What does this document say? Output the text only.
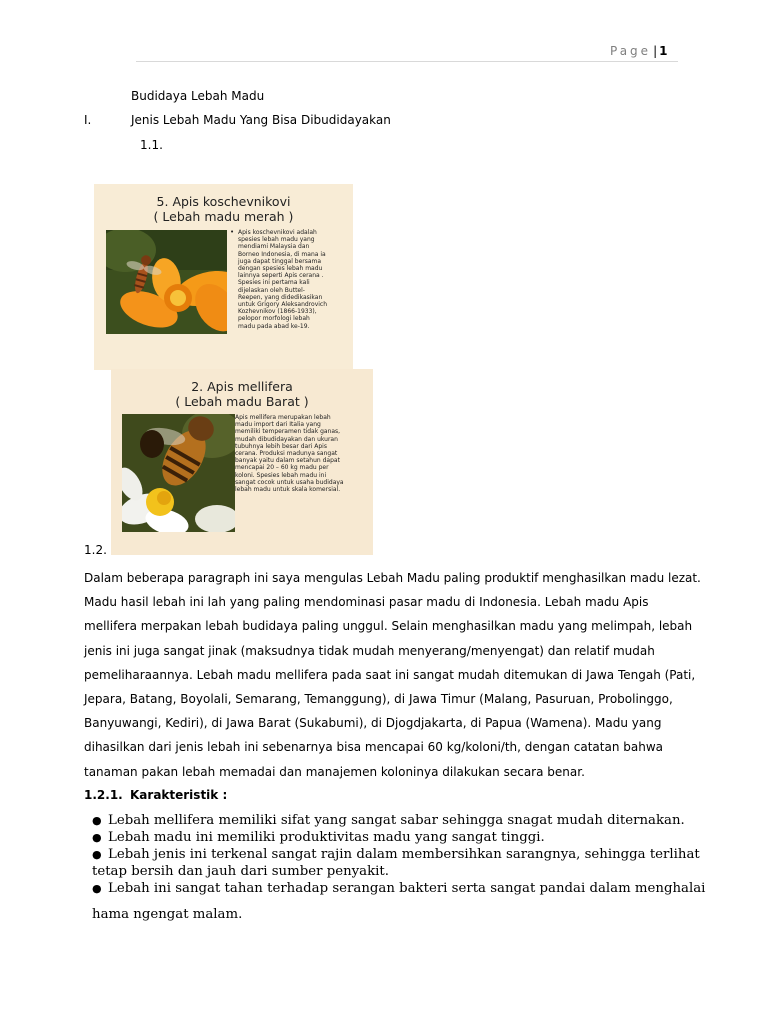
Page | 1
Budidaya Lebah Madu
I.	Jenis Lebah Madu Yang Bisa Dibudidayakan
1.1.
5. Apis koschevnikovi
( Lebah madu merah )
• Apis koschevnikovi adalah
spesies lebah madu yang
mendiami Malaysia dan
Borneo Indonesia, di mana ia
juga dapat tinggal bersama
dengan spesies lebah madu
lainnya seperti Apis cerana .
Spesies ini pertama kali
dijelaskan oleh Buttel-
Reepen, yang didedikasikan
untuk Grigory Aleksandrovich
Kozhevnikov (1866-1933),
pelopor morfologi lebah
madu pada abad ke-19.
2. Apis mellifera
( Lebah madu Barat )
Apis mellifera merupakan lebah
madu import dari Italia yang
memiliki temperamen tidak ganas,
mudah dibudidayakan dan ukuran
tubuhnya lebih besar dari Apis
cerana. Produksi madunya sangat
banyak yaitu dalam setahun dapat
mencapai 20 – 60 kg madu per
koloni. Spesies lebah madu ini
sangat cocok untuk usaha budidaya
lebah madu untuk skala komersial.
1.2.
Dalam beberapa paragraph ini saya mengulas Lebah Madu paling produktif menghasilkan madu lezat.
Madu hasil lebah ini lah yang paling mendominasi pasar madu di Indonesia. Lebah madu Apis
mellifera merpakan lebah budidaya paling unggul. Selain menghasilkan madu yang melimpah, lebah
jenis ini juga sangat jinak (maksudnya tidak mudah menyerang/menyengat) dan relatif mudah
pemeliharaannya. Lebah madu mellifera pada saat ini sangat mudah ditemukan di Jawa Tengah (Pati,
Jepara, Batang, Boyolali, Semarang, Temanggung), di Jawa Timur (Malang, Pasuruan, Probolinggo,
Banyuwangi, Kediri), di Jawa Barat (Sukabumi), di Djogdjakarta, di Papua (Wamena). Madu yang
dihasilkan dari jenis lebah ini sebenarnya bisa mencapai 60 kg/koloni/th, dengan catatan bahwa
tanaman pakan lebah memadai dan manajemen koloninya dilakukan secara benar.
1.2.1. Karakteristik :
● Lebah mellifera memiliki sifat yang sangat sabar sehingga snagat mudah diternakan.
● Lebah madu ini memiliki produktivitas madu yang sangat tinggi.
● Lebah jenis ini terkenal sangat rajin dalam membersihkan sarangnya, sehingga terlihat
tetap bersih dan jauh dari sumber penyakit.
● Lebah ini sangat tahan terhadap serangan bakteri serta sangat pandai dalam menghalai
hama ngengat malam.
